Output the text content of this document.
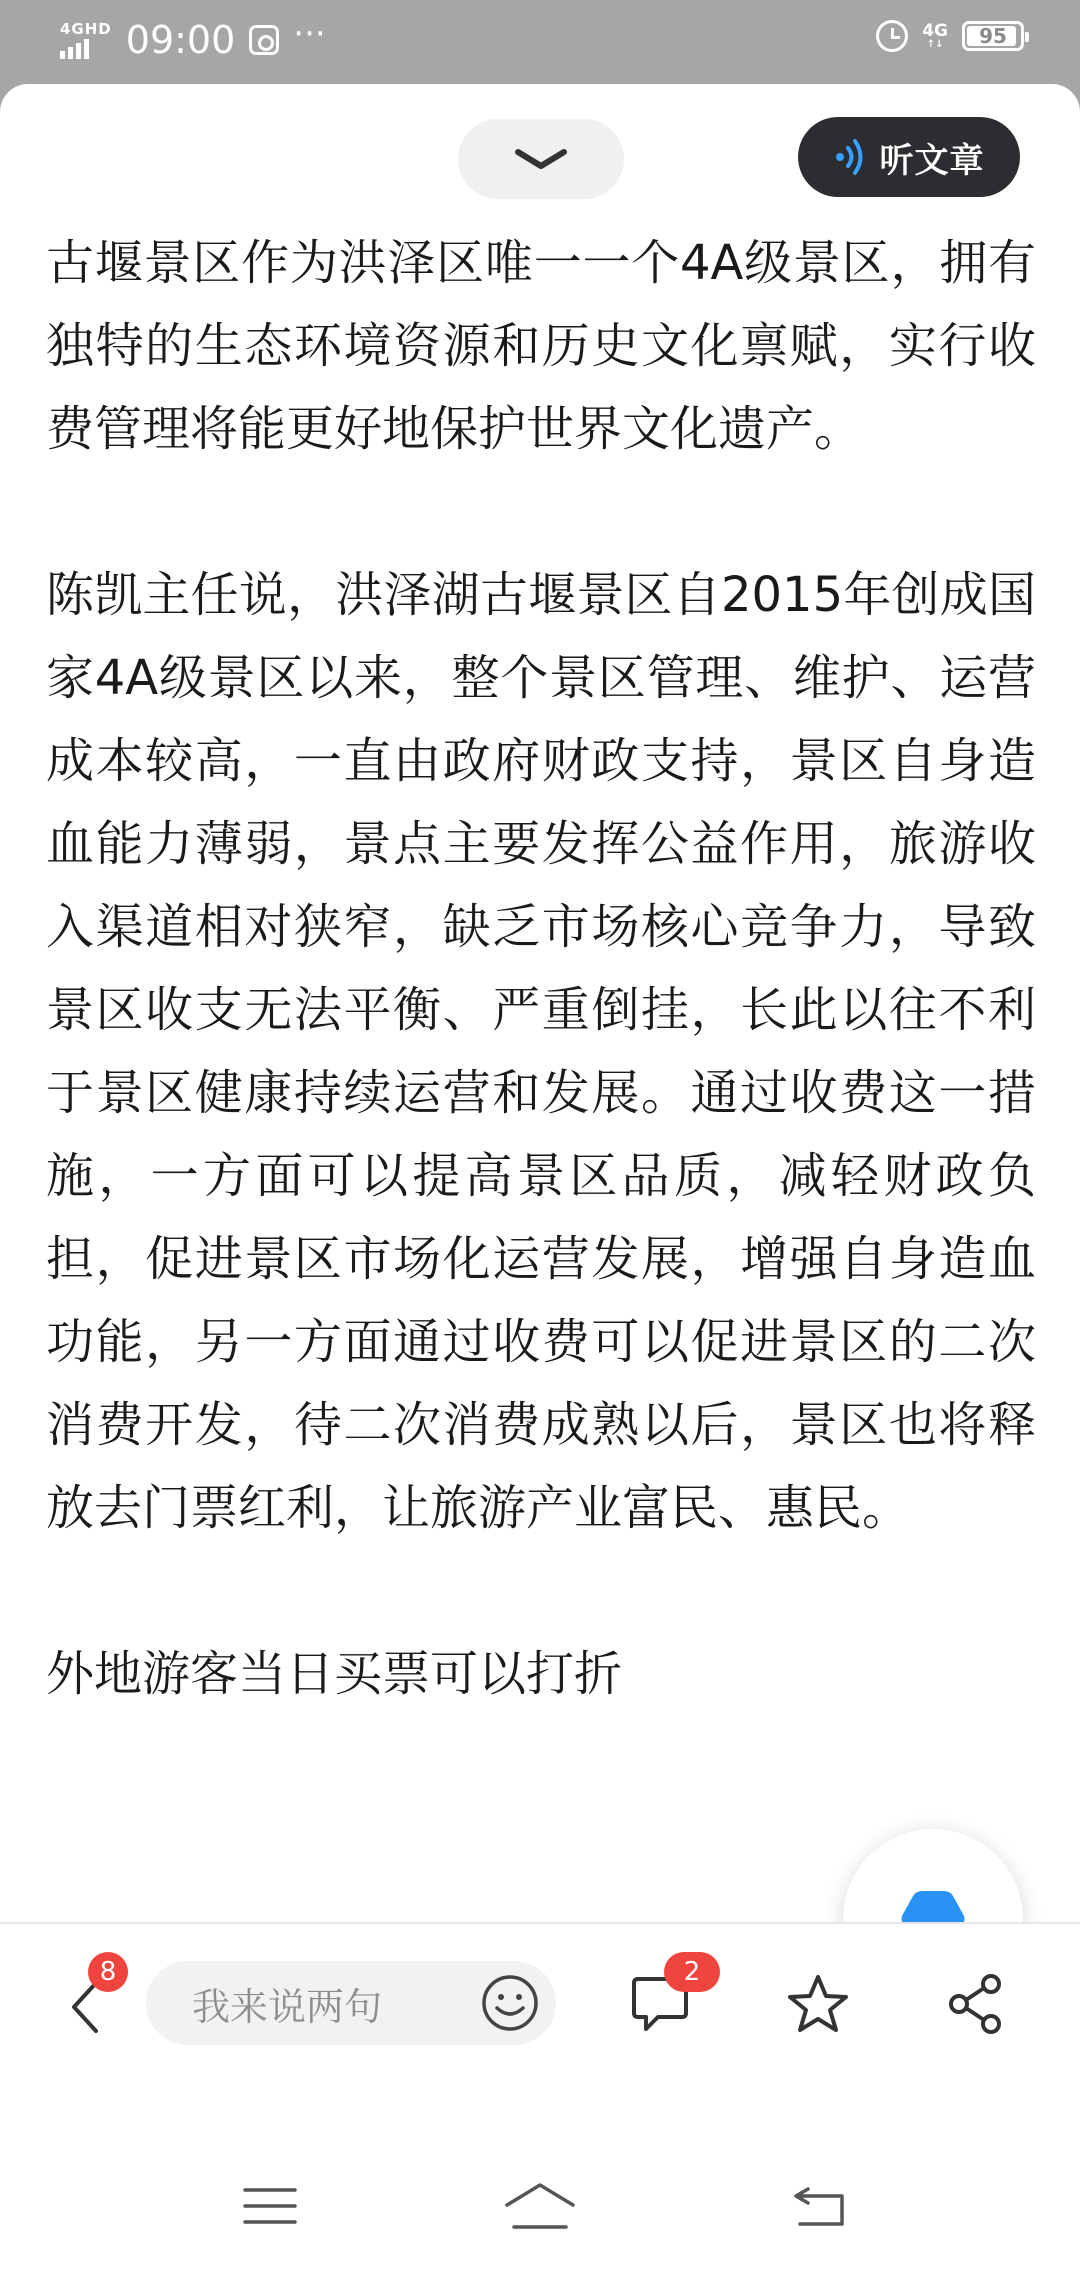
4GHD 09:00 ···	4G
↑↓ 95
听文章

古堰景区作为洪泽区唯一一个4A级景区，拥有独特的生态环境资源和历史文化禀赋，实行收费管理将能更好地保护世界文化遗产。

陈凯主任说，洪泽湖古堰景区自2015年创成国家4A级景区以来，整个景区管理、维护、运营成本较高，一直由政府财政支持，景区自身造血能力薄弱，景点主要发挥公益作用，旅游收入渠道相对狭窄，缺乏市场核心竞争力，导致景区收支无法平衡、严重倒挂，长此以往不利于景区健康持续运营和发展。通过收费这一措施，一方面可以提高景区品质，减轻财政负担，促进景区市场化运营发展，增强自身造血功能，另一方面通过收费可以促进景区的二次消费开发，待二次消费成熟以后，景区也将释放去门票红利，让旅游产业富民、惠民。

外地游客当日买票可以打折

8
我来说两句
2
